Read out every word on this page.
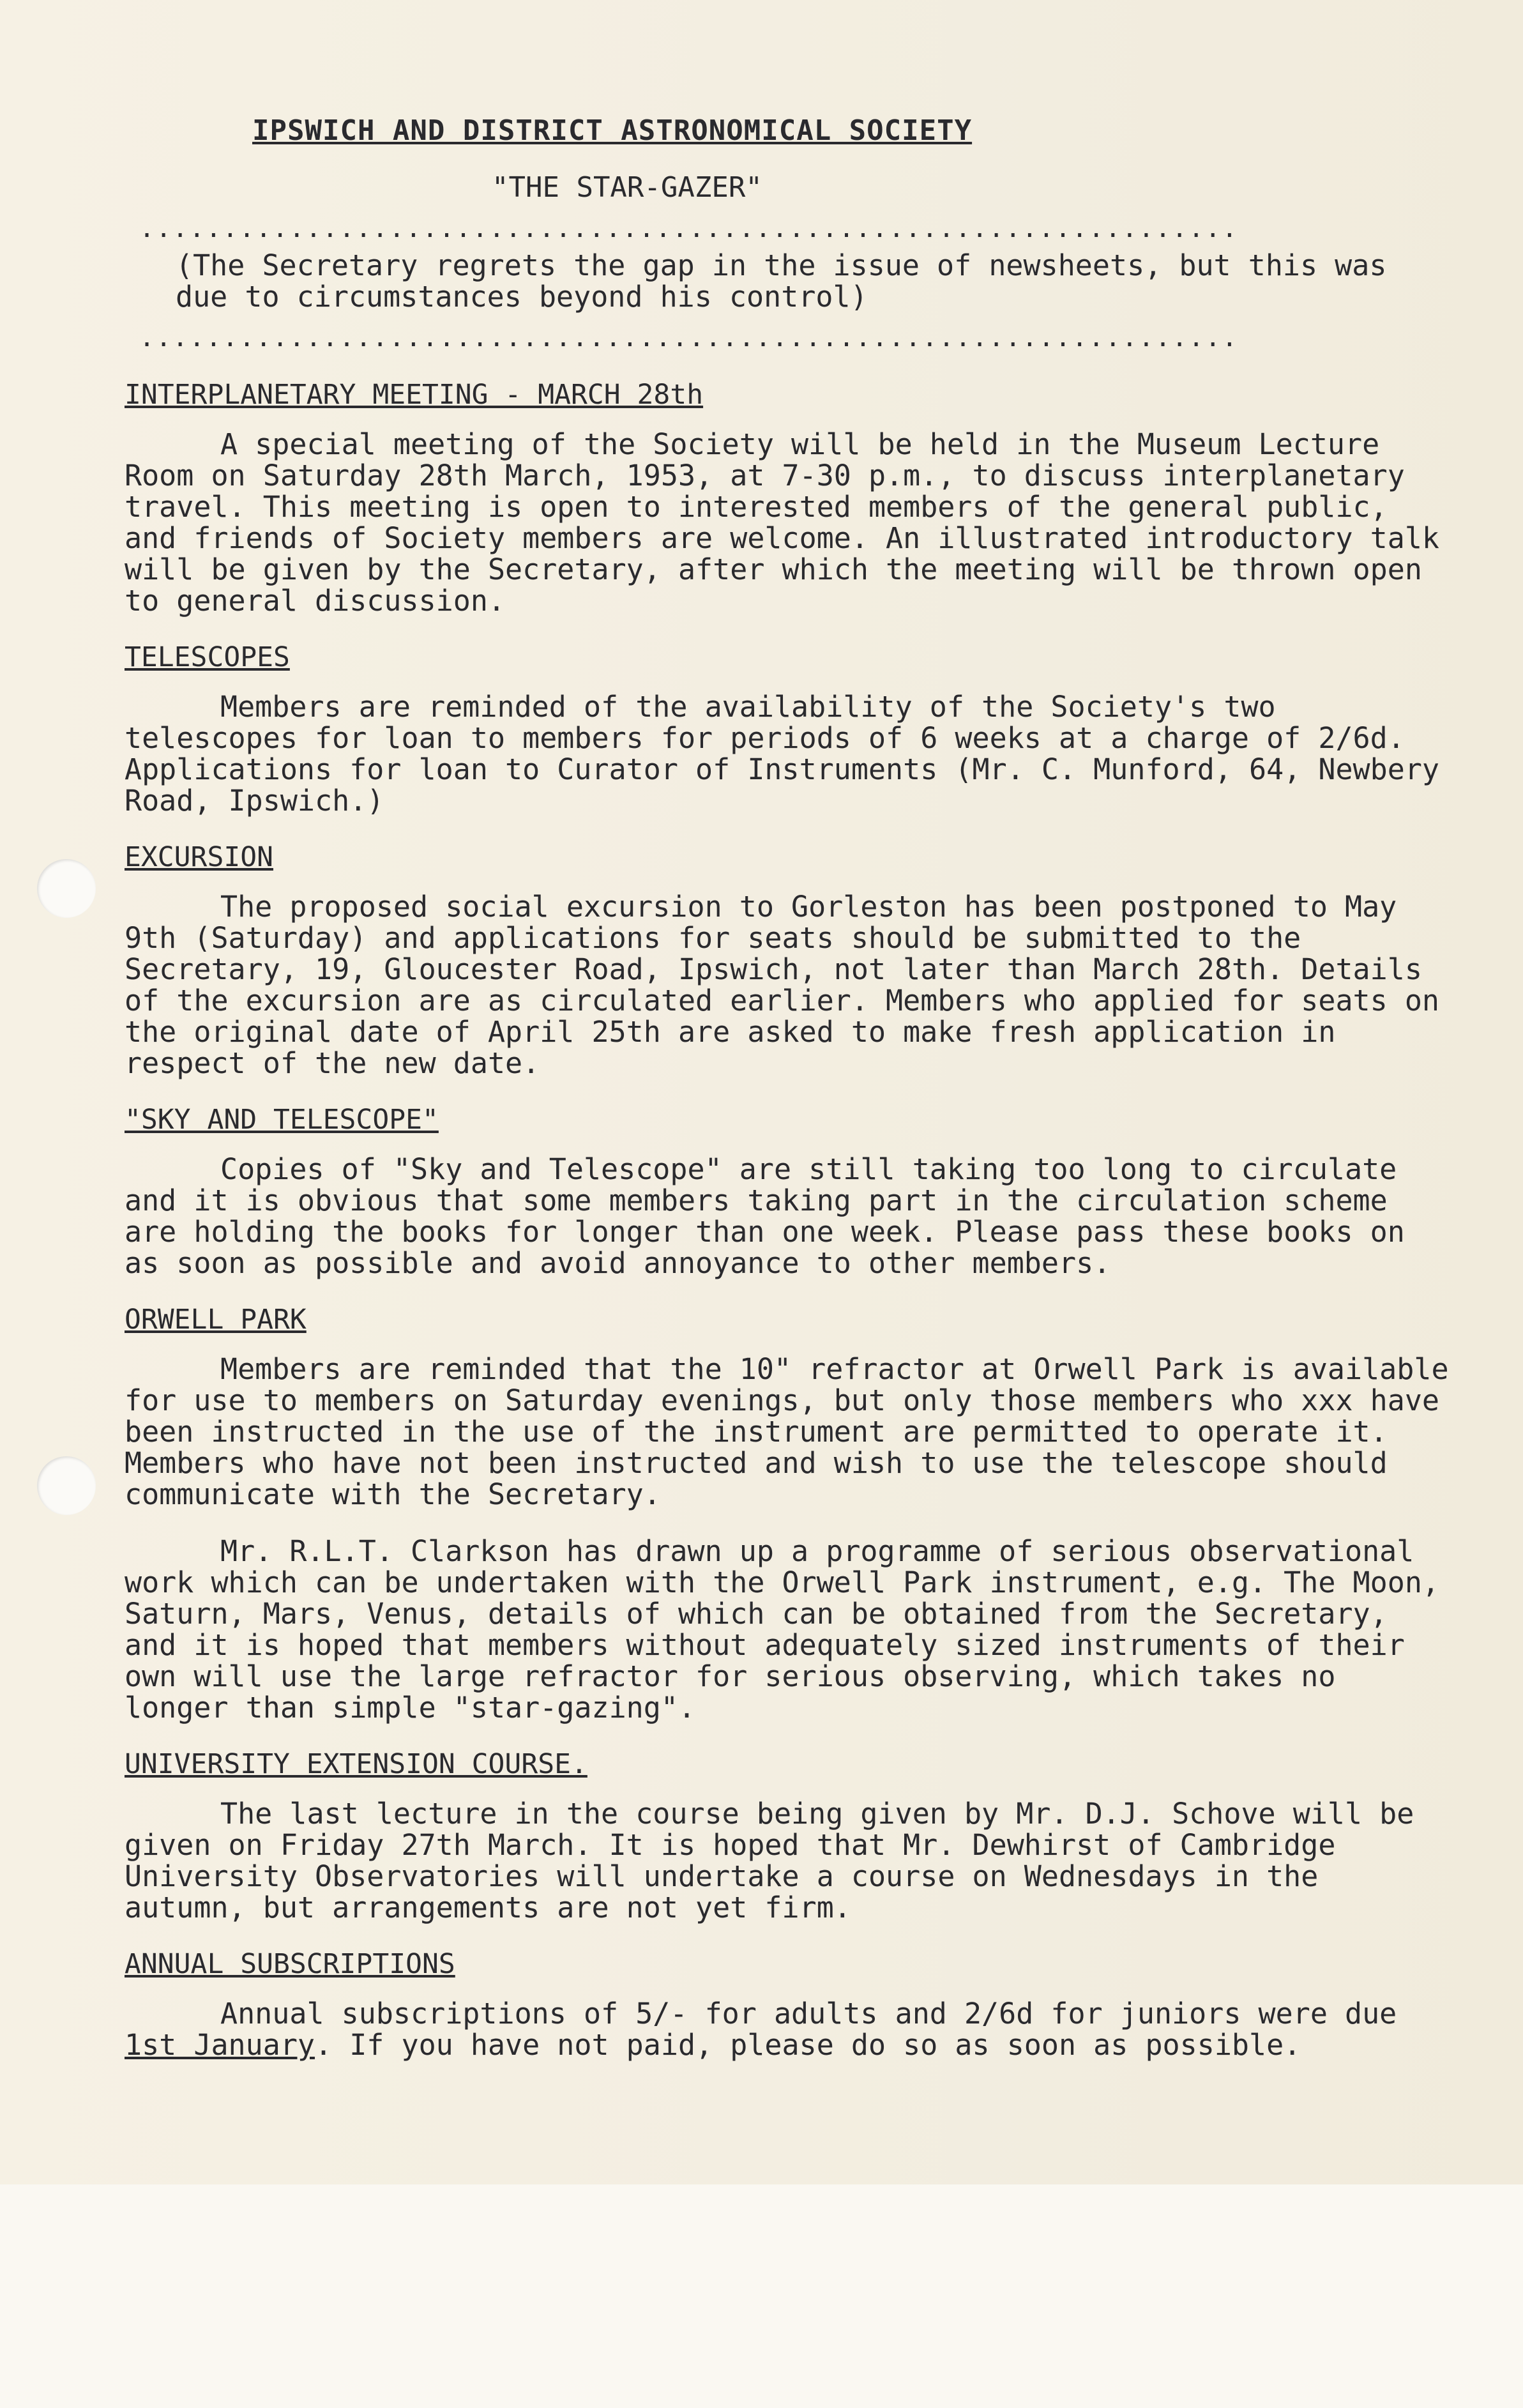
IPSWICH AND DISTRICT ASTRONOMICAL SOCIETY
"THE STAR-GAZER"
..................................................................
(The Secretary regrets the gap in the issue of newsheets, but this was due to circumstances beyond his control)
..................................................................
INTERPLANETARY MEETING - MARCH 28th

A special meeting of the Society will be held in the Museum Lecture Room on Saturday 28th March, 1953, at 7-30 p.m., to discuss interplanetary travel. This meeting is open to interested members of the general public, and friends of Society members are welcome. An illustrated introductory talk will be given by the Secretary, after which the meeting will be thrown open to general discussion.

TELESCOPES

Members are reminded of the availability of the Society's two telescopes for loan to members for periods of 6 weeks at a charge of 2/6d. Applications for loan to Curator of Instruments (Mr. C. Munford, 64, Newbery Road, Ipswich.)

EXCURSION

The proposed social excursion to Gorleston has been postponed to May 9th (Saturday) and applications for seats should be submitted to the Secretary, 19, Gloucester Road, Ipswich, not later than March 28th. Details of the excursion are as circulated earlier. Members who applied for seats on the original date of April 25th are asked to make fresh application in respect of the new date.

"SKY AND TELESCOPE"

Copies of "Sky and Telescope" are still taking too long to circulate and it is obvious that some members taking part in the circulation scheme are holding the books for longer than one week. Please pass these books on as soon as possible and avoid annoyance to other members.

ORWELL PARK

Members are reminded that the 10" refractor at Orwell Park is available for use to members on Saturday evenings, but only those members who xxx have been instructed in the use of the instrument are permitted to operate it. Members who have not been instructed and wish to use the telescope should communicate with the Secretary.

Mr. R.L.T. Clarkson has drawn up a programme of serious observational work which can be undertaken with the Orwell Park instrument, e.g. The Moon, Saturn, Mars, Venus, details of which can be obtained from the Secretary, and it is hoped that members without adequately sized instruments of their own will use the large refractor for serious observing, which takes no longer than simple "star-gazing".

UNIVERSITY EXTENSION COURSE.

The last lecture in the course being given by Mr. D.J. Schove will be given on Friday 27th March. It is hoped that Mr. Dewhirst of Cambridge University Observatories will undertake a course on Wednesdays in the autumn, but arrangements are not yet firm.

ANNUAL SUBSCRIPTIONS

Annual subscriptions of 5/- for adults and 2/6d for juniors were due 1st January. If you have not paid, please do so as soon as possible.
